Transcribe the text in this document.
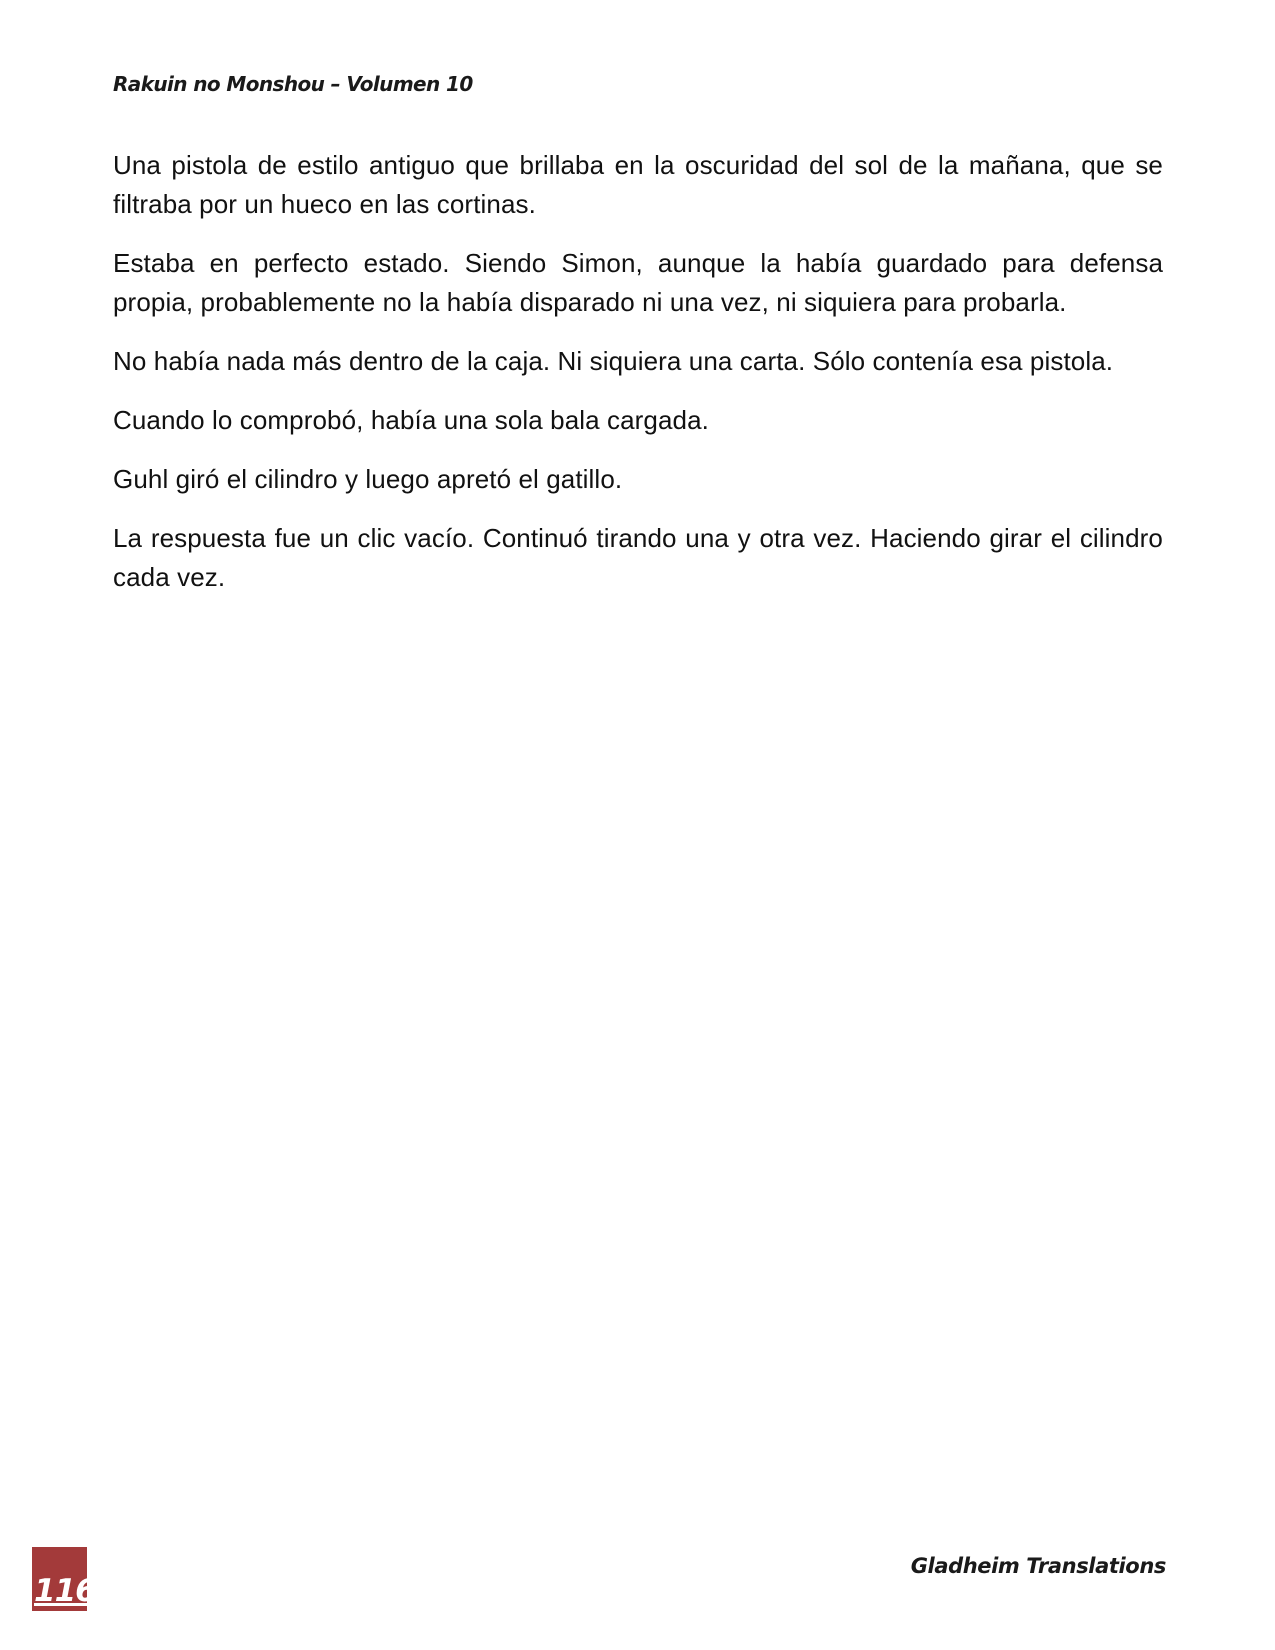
Rakuin no Monshou – Volumen 10

Una pistola de estilo antiguo que brillaba en la oscuridad del sol de la mañana, que se filtraba por un hueco en las cortinas.

Estaba en perfecto estado. Siendo Simon, aunque la había guardado para defensa propia, probablemente no la había disparado ni una vez, ni siquiera para probarla.

No había nada más dentro de la caja. Ni siquiera una carta. Sólo contenía esa pistola.

Cuando lo comprobó, había una sola bala cargada.

Guhl giró el cilindro y luego apretó el gatillo.

La respuesta fue un clic vacío. Continuó tirando una y otra vez. Haciendo girar el cilindro cada vez.

116
Gladheim Translations
